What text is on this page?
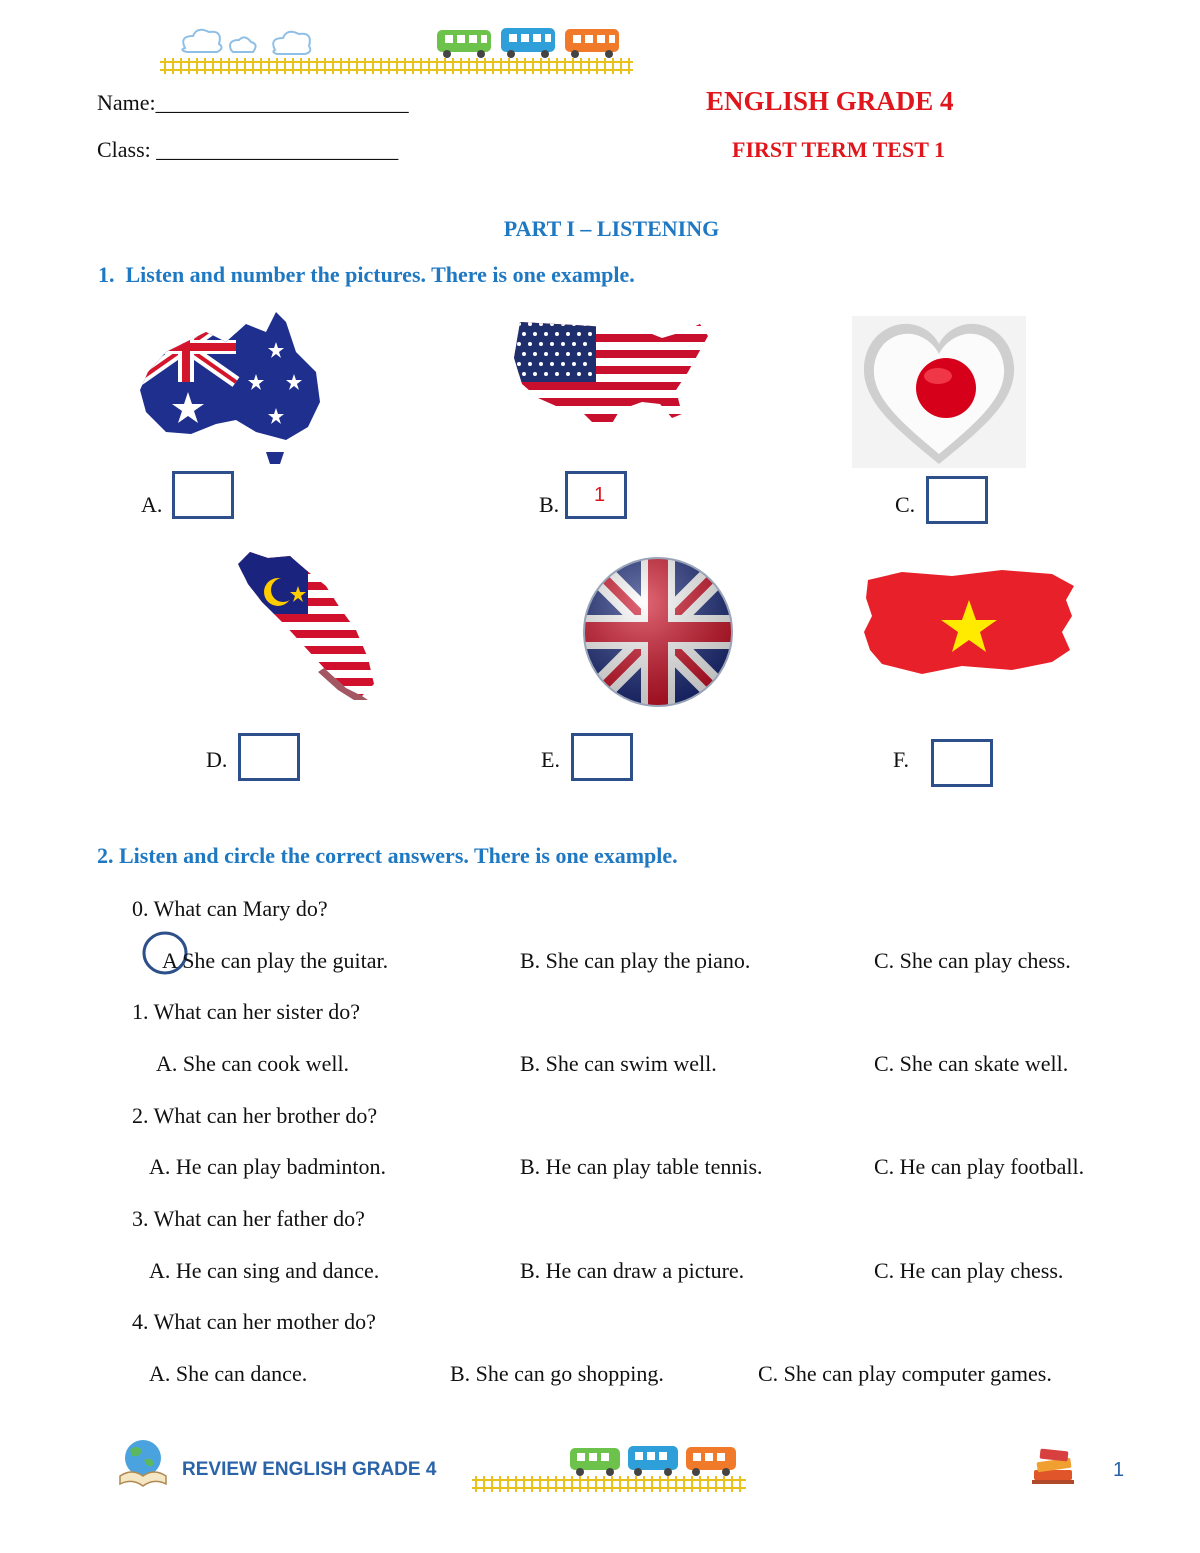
Name:_______________________
Class: ______________________
ENGLISH GRADE 4
FIRST TERM TEST 1
PART I – LISTENING
1. Listen and number the pictures. There is one example.
A.	B.	1	C.
D.	E.	F.
2. Listen and circle the correct answers. There is one example.
0. What can Mary do?
A She can play the guitar.	B. She can play the piano.	C. She can play chess.
1. What can her sister do?
A. She can cook well.	B. She can swim well.	C. She can skate well.
2. What can her brother do?
A. He can play badminton.	B. He can play table tennis.	C. He can play football.
3. What can her father do?
A. He can sing and dance.	B. He can draw a picture.	C. He can play chess.
4. What can her mother do?
A. She can dance.	B. She can go shopping.	C. She can play computer games.
REVIEW ENGLISH GRADE 4	1
